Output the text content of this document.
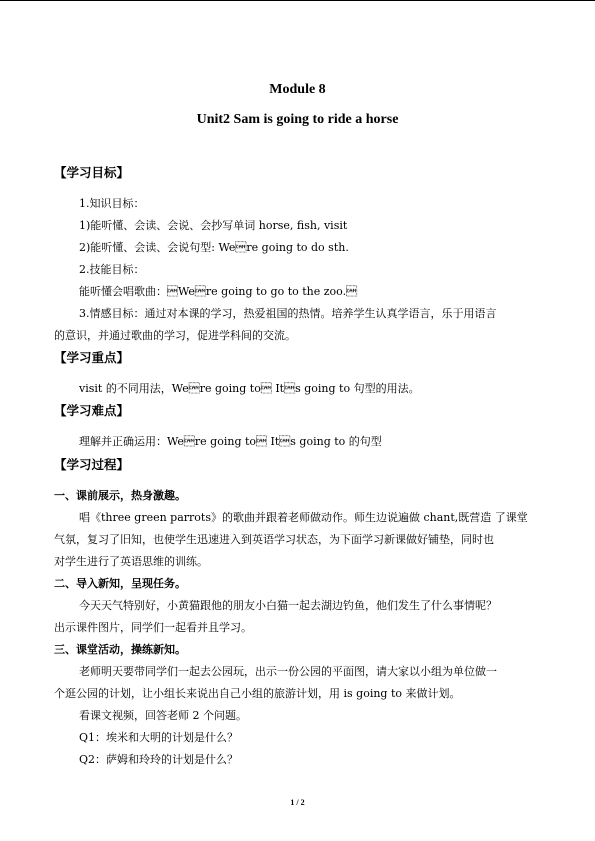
Module 8
Unit2 Sam is going to ride a horse
【学习目标】
1.知识目标：
1)能听懂、会读、会说、会抄写单词 horse, fish, visit
2)能听懂、会读、会说句型: Were going to do sth.
2.技能目标：
能听懂会唱歌曲：Were going to go to the zoo.
3.情感目标：通过对本课的学习，热爱祖国的热情。培养学生认真学语言，乐于用语言
的意识，并通过歌曲的学习，促进学科间的交流。
【学习重点】
visit 的不同用法，Were going to Its going to 句型的用法。
【学习难点】
理解并正确运用：Were going to Its going to 的句型
【学习过程】
一、课前展示，热身激趣。
唱《three green parrots》的歌曲并跟着老师做动作。师生边说遍做 chant,既营造 了课堂
气氛，复习了旧知，也使学生迅速进入到英语学习状态，为下面学习新课做好铺垫，同时也
对学生进行了英语思维的训练。
二、导入新知，呈现任务。
今天天气特别好，小黄猫跟他的朋友小白猫一起去湖边钓鱼，他们发生了什么事情呢？
出示课件图片，同学们一起看并且学习。
三、课堂活动，操练新知。
老师明天要带同学们一起去公园玩，出示一份公园的平面图，请大家以小组为单位做一
个逛公园的计划，让小组长来说出自己小组的旅游计划，用 is going to 来做计划。
看课文视频，回答老师 2 个问题。
Q1：埃米和大明的计划是什么？
Q2：萨姆和玲玲的计划是什么？
1 / 2
